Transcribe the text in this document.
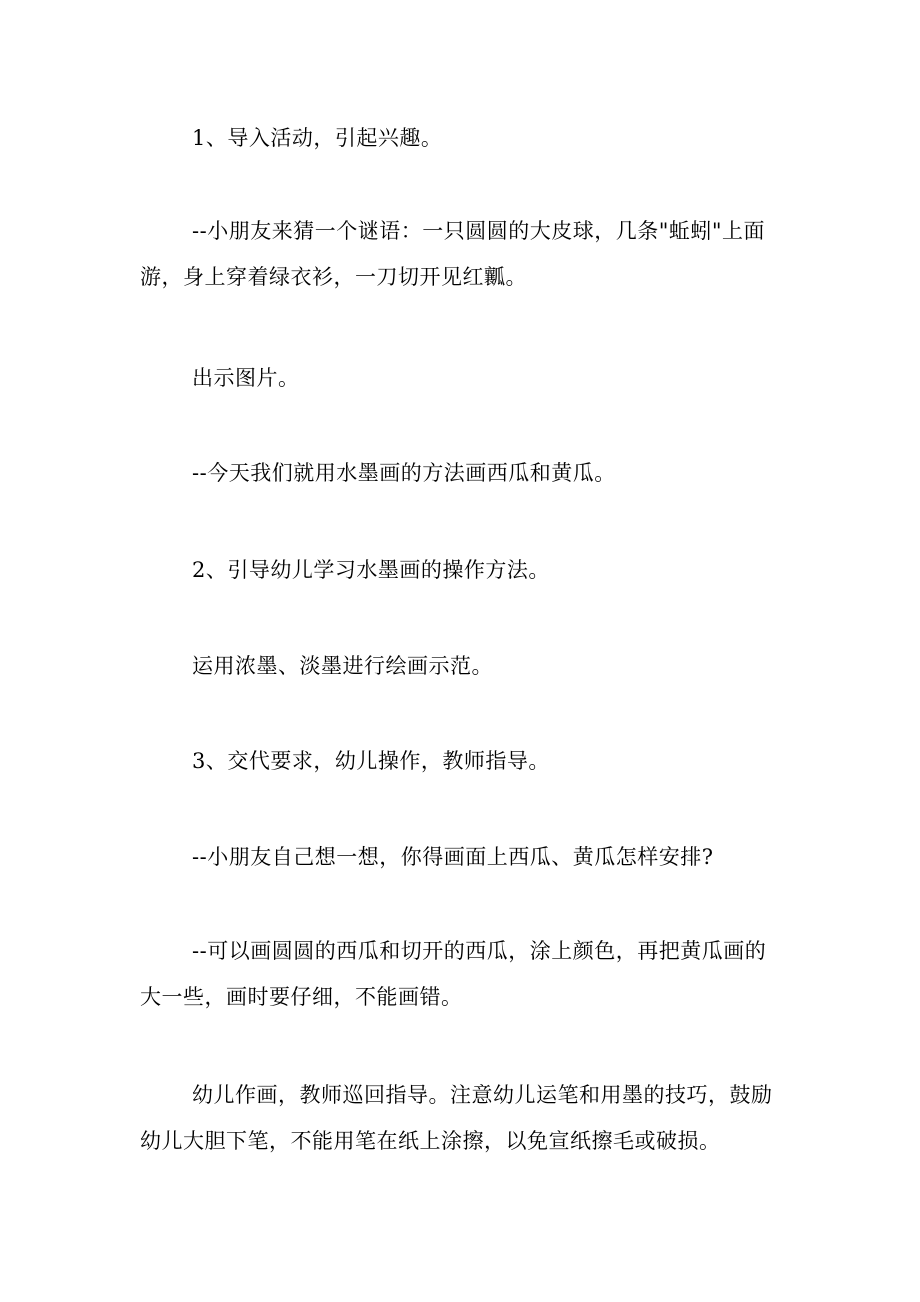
1、导入活动，引起兴趣。

--小朋友来猜一个谜语：一只圆圆的大皮球，几条"蚯蚓"上面游，身上穿着绿衣衫，一刀切开见红瓤。

出示图片。

--今天我们就用水墨画的方法画西瓜和黄瓜。

2、引导幼儿学习水墨画的操作方法。

运用浓墨、淡墨进行绘画示范。

3、交代要求，幼儿操作，教师指导。

--小朋友自己想一想，你得画面上西瓜、黄瓜怎样安排?

--可以画圆圆的西瓜和切开的西瓜，涂上颜色，再把黄瓜画的大一些，画时要仔细，不能画错。

幼儿作画，教师巡回指导。注意幼儿运笔和用墨的技巧，鼓励幼儿大胆下笔，不能用笔在纸上涂擦，以免宣纸擦毛或破损。
